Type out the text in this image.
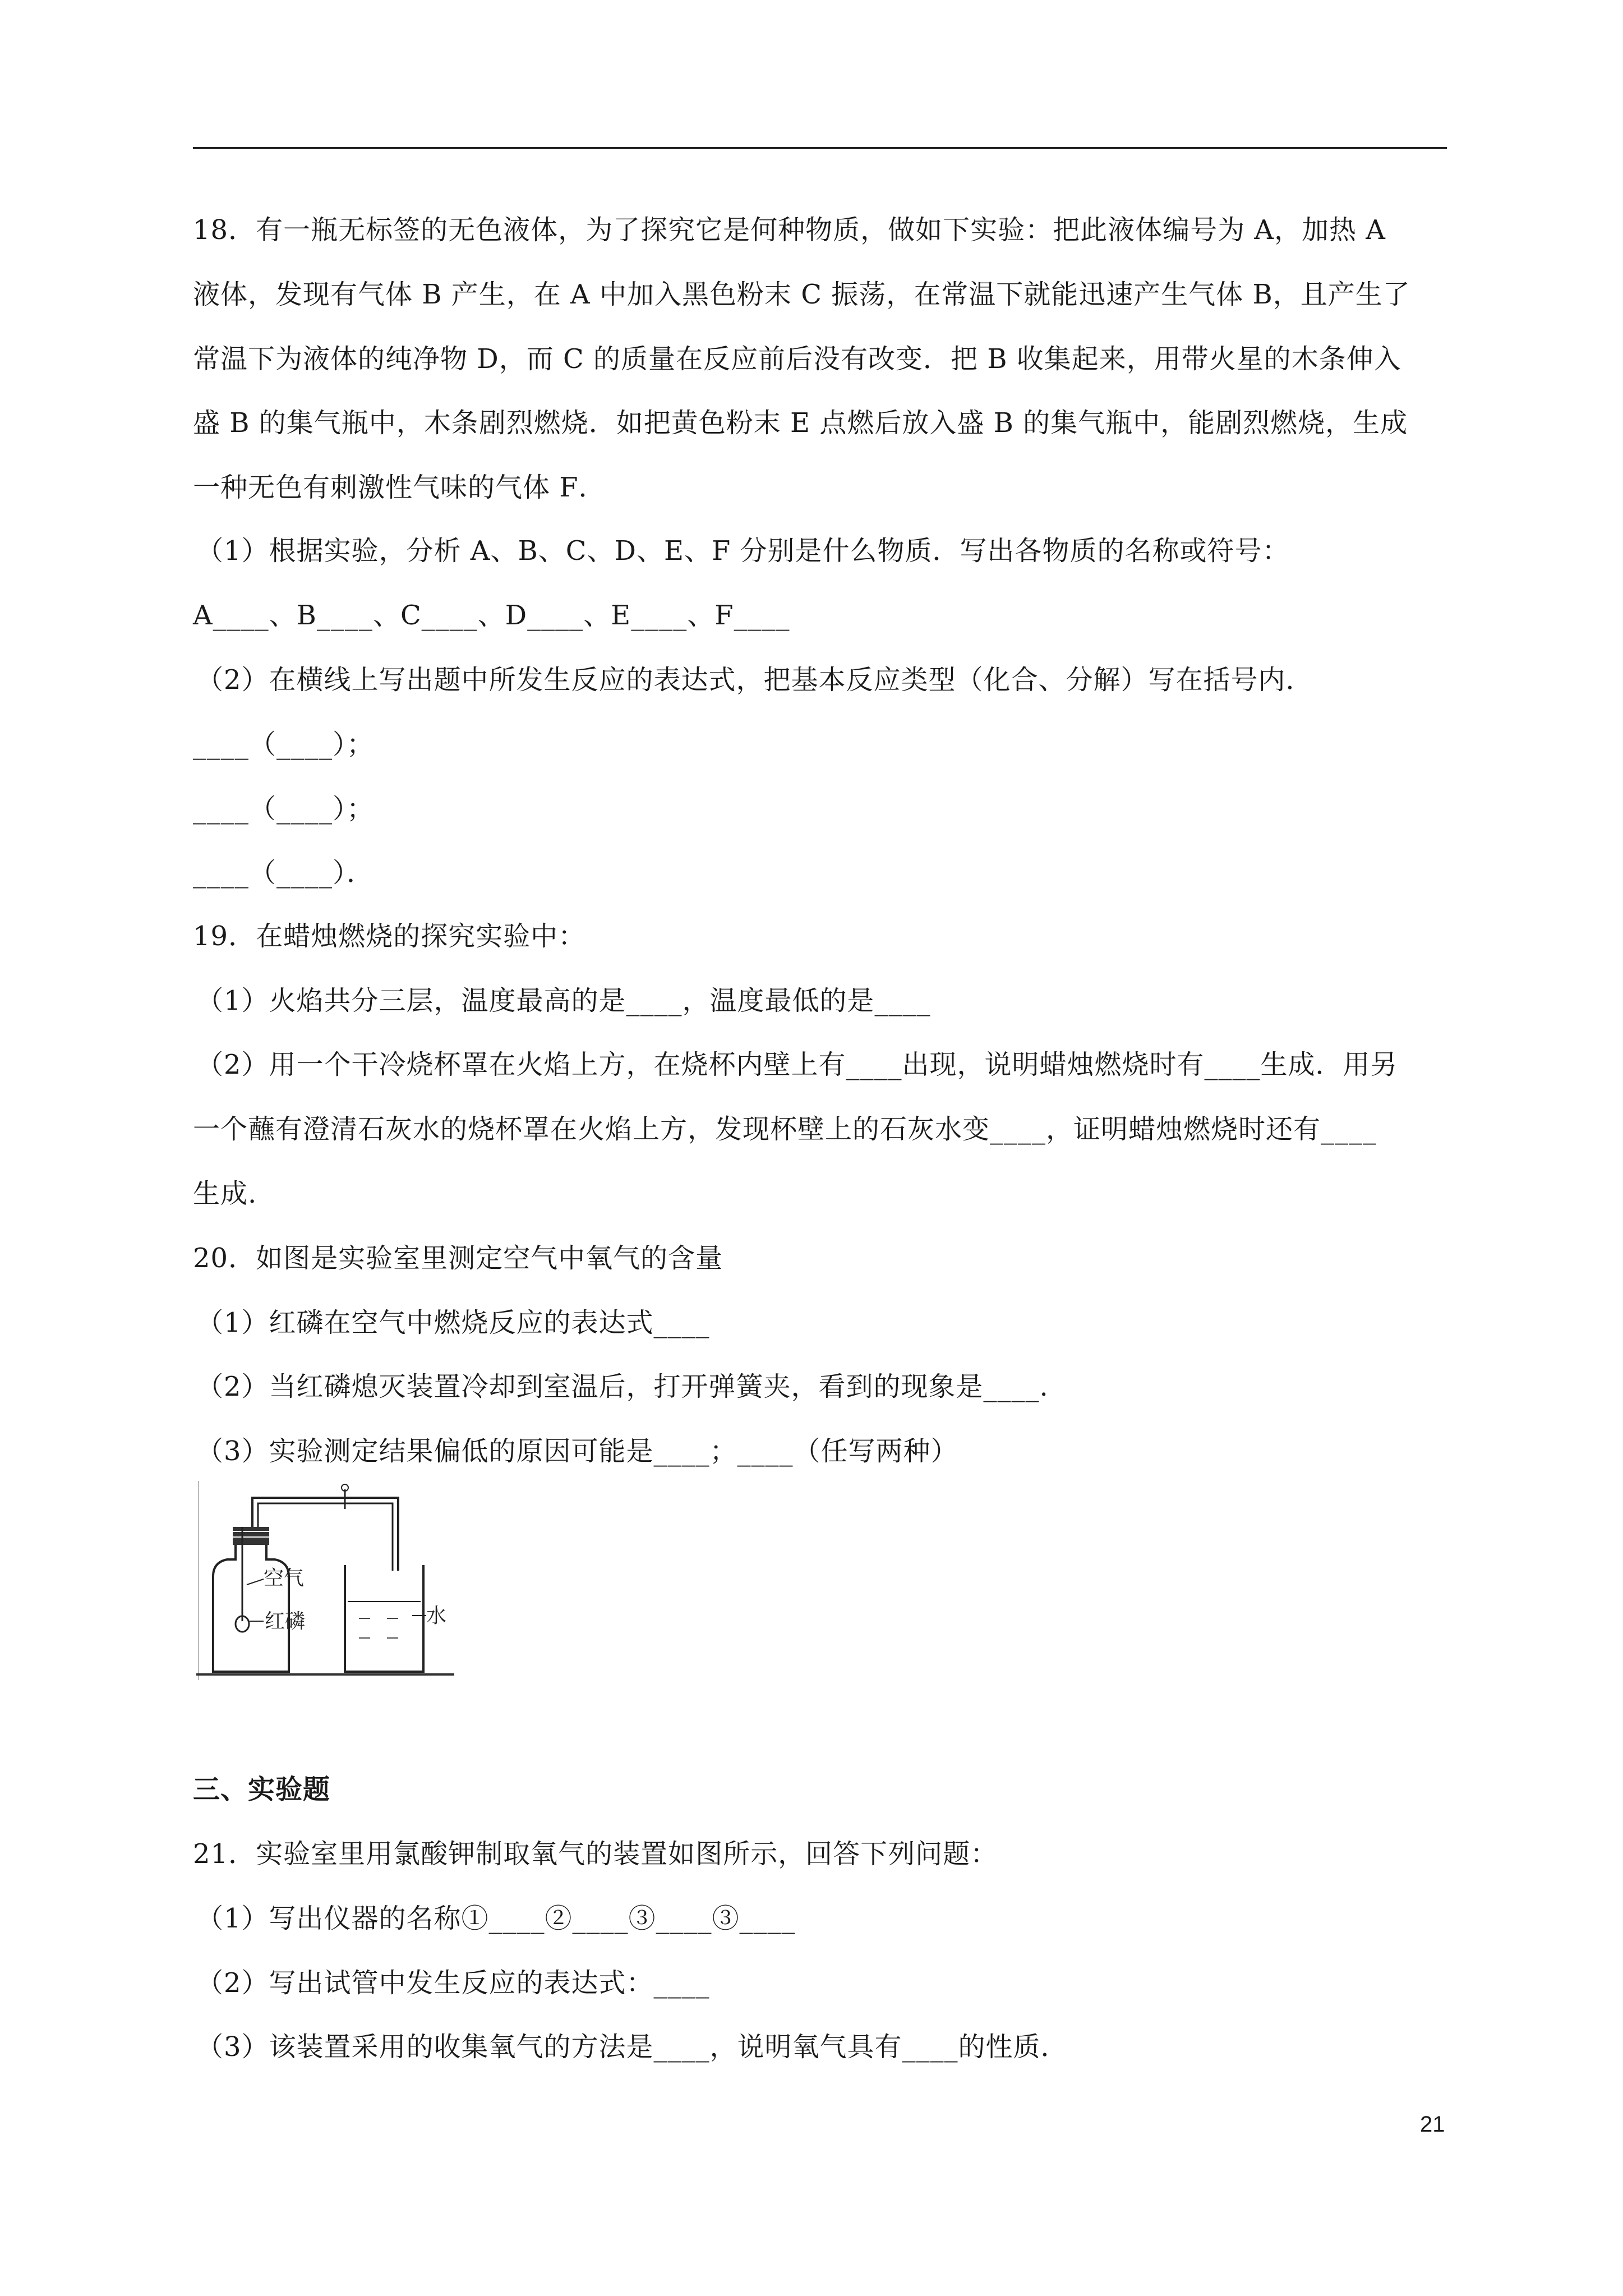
18．有一瓶无标签的无色液体，为了探究它是何种物质，做如下实验：把此液体编号为 A，加热 A
液体，发现有气体 B 产生，在 A 中加入黑色粉末 C 振荡，在常温下就能迅速产生气体 B，且产生了
常温下为液体的纯净物 D，而 C 的质量在反应前后没有改变．把 B 收集起来，用带火星的木条伸入
盛 B 的集气瓶中，木条剧烈燃烧．如把黄色粉末 E 点燃后放入盛 B 的集气瓶中，能剧烈燃烧，生成
一种无色有刺激性气味的气体 F．
（1）根据实验，分析 A、B、C、D、E、F 分别是什么物质．写出各物质的名称或符号：
A____、B____、C____、D____、E____、F____
（2）在横线上写出题中所发生反应的表达式，把基本反应类型（化合、分解）写在括号内．
____（____）；
____（____）；
____（____）．
19．在蜡烛燃烧的探究实验中：
（1）火焰共分三层，温度最高的是____，温度最低的是____
（2）用一个干冷烧杯罩在火焰上方，在烧杯内壁上有____出现，说明蜡烛燃烧时有____生成．用另
一个蘸有澄清石灰水的烧杯罩在火焰上方，发现杯壁上的石灰水变____，证明蜡烛燃烧时还有____
生成.
20．如图是实验室里测定空气中氧气的含量
（1）红磷在空气中燃烧反应的表达式____
（2）当红磷熄灭装置冷却到室温后，打开弹簧夹，看到的现象是____.
（3）实验测定结果偏低的原因可能是____；____（任写两种）
空气
红磷	水
三、实验题
21．实验室里用氯酸钾制取氧气的装置如图所示，回答下列问题：
（1）写出仪器的名称①____②____③____③____
（2）写出试管中发生反应的表达式：____
（3）该装置采用的收集氧气的方法是____，说明氧气具有____的性质．
21
